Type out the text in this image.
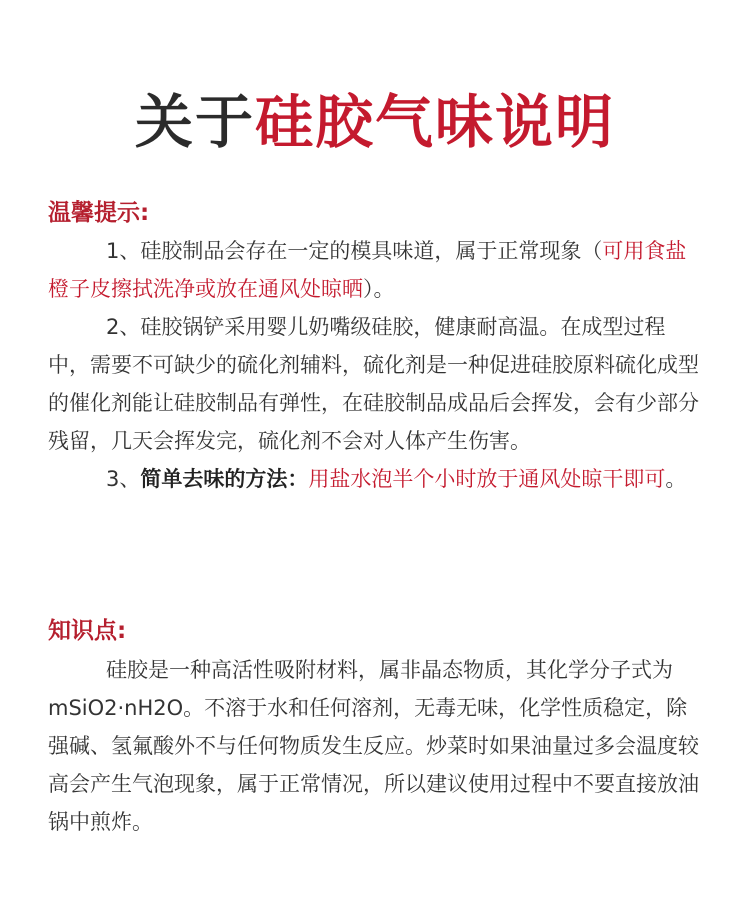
关于硅胶气味说明
温馨提示:

1、硅胶制品会存在一定的模具味道，属于正常现象（可用食盐橙子皮擦拭洗净或放在通风处晾晒）。

2、硅胶锅铲采用婴儿奶嘴级硅胶，健康耐高温。在成型过程中，需要不可缺少的硫化剂辅料，硫化剂是一种促进硅胶原料硫化成型的催化剂能让硅胶制品有弹性，在硅胶制品成品后会挥发，会有少部分残留，几天会挥发完，硫化剂不会对人体产生伤害。

3、简单去味的方法：用盐水泡半个小时放于通风处晾干即可。

知识点:

硅胶是一种高活性吸附材料，属非晶态物质，其化学分子式为mSiO2·nH2O。不溶于水和任何溶剂，无毒无味，化学性质稳定，除强碱、氢氟酸外不与任何物质发生反应。炒菜时如果油量过多会温度较高会产生气泡现象，属于正常情况，所以建议使用过程中不要直接放油锅中煎炸。
